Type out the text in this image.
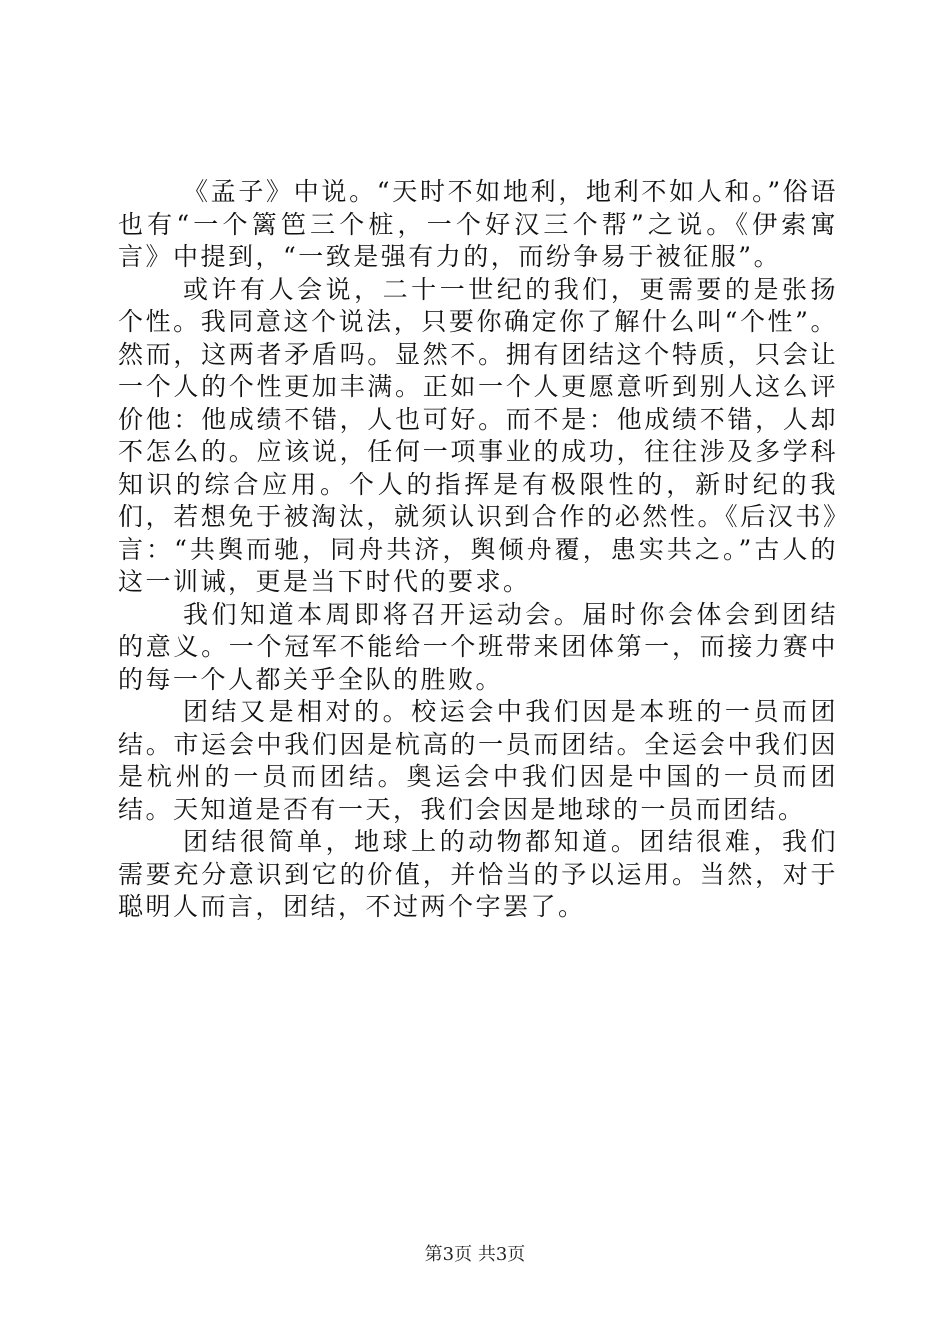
《孟子》中说。“天时不如地利，地利不如人和。”俗语也有“一个篱笆三个桩，一个好汉三个帮”之说。《伊索寓言》中提到，“一致是强有力的，而纷争易于被征服”。

或许有人会说，二十一世纪的我们，更需要的是张扬个性。我同意这个说法，只要你确定你了解什么叫“个性”。然而，这两者矛盾吗。显然不。拥有团结这个特质，只会让一个人的个性更加丰满。正如一个人更愿意听到别人这么评价他：他成绩不错，人也可好。而不是：他成绩不错，人却不怎么的。应该说，任何一项事业的成功，往往涉及多学科知识的综合应用。个人的指挥是有极限性的，新时纪的我们，若想免于被淘汰，就须认识到合作的必然性。《后汉书》言：“共舆而驰，同舟共济，舆倾舟覆，患实共之。”古人的这一训诫，更是当下时代的要求。

我们知道本周即将召开运动会。届时你会体会到团结的意义。一个冠军不能给一个班带来团体第一，而接力赛中的每一个人都关乎全队的胜败。

团结又是相对的。校运会中我们因是本班的一员而团结。市运会中我们因是杭高的一员而团结。全运会中我们因是杭州的一员而团结。奥运会中我们因是中国的一员而团结。天知道是否有一天，我们会因是地球的一员而团结。

团结很简单，地球上的动物都知道。团结很难，我们需要充分意识到它的价值，并恰当的予以运用。当然，对于聪明人而言，团结，不过两个字罢了。

第3页 共3页
